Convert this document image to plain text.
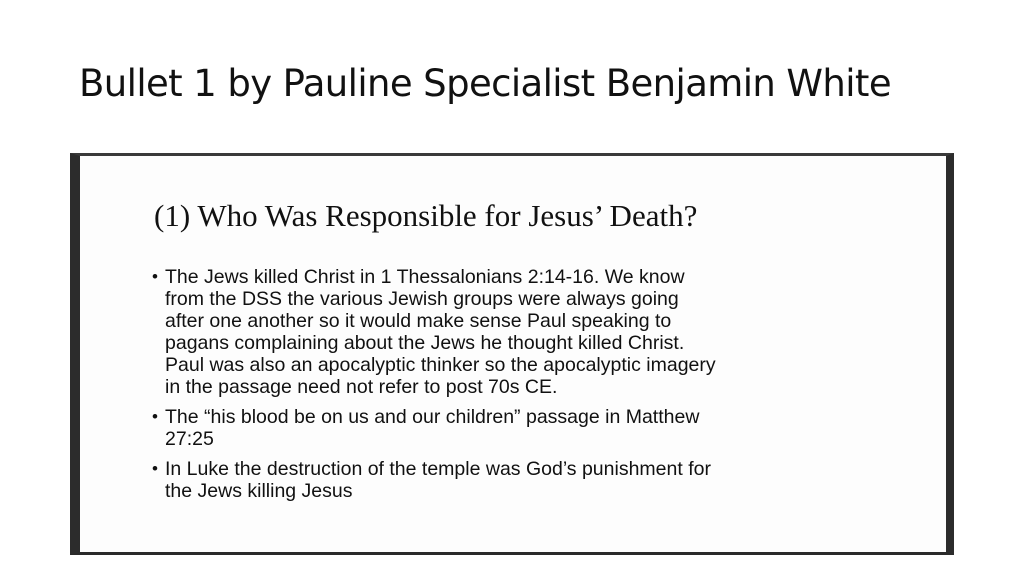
Bullet 1 by Pauline Specialist Benjamin White
(1) Who Was Responsible for Jesus’ Death?
• The Jews killed Christ in 1 Thessalonians 2:14-16. We know
from the DSS the various Jewish groups were always going
after one another so it would make sense Paul speaking to
pagans complaining about the Jews he thought killed Christ.
Paul was also an apocalyptic thinker so the apocalyptic imagery
in the passage need not refer to post 70s CE.
• The “his blood be on us and our children” passage in Matthew
27:25
• In Luke the destruction of the temple was God’s punishment for
the Jews killing Jesus
